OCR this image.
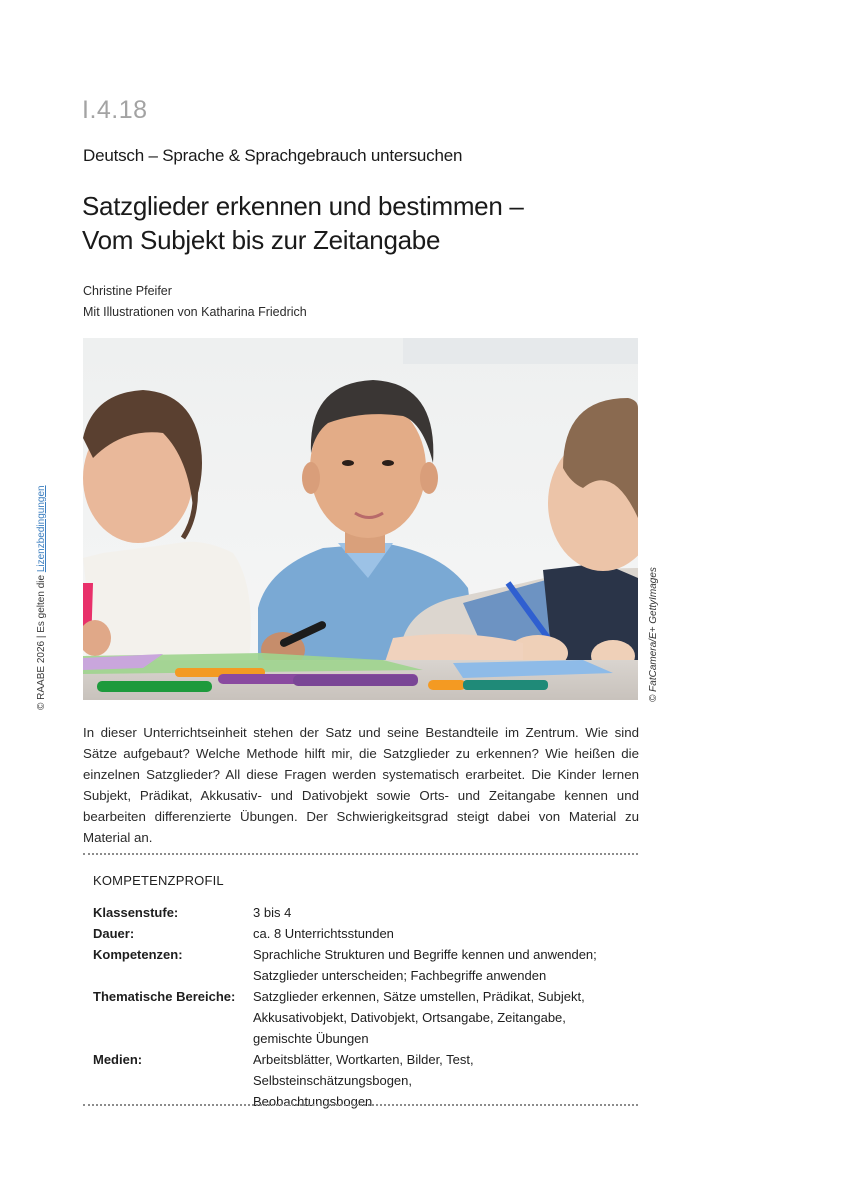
I.4.18
Deutsch – Sprache & Sprachgebrauch untersuchen
Satzglieder erkennen und bestimmen –
Vom Subjekt bis zur Zeitangabe
Christine Pfeifer
Mit Illustrationen von Katharina Friedrich
© RAABE 2026 | Es gelten die Lizenzbedingungen
© FatCamera/E+ GettyImages

In dieser Unterrichtseinheit stehen der Satz und seine Bestandteile im Zentrum. Wie sind Sätze aufgebaut? Welche Methode hilft mir, die Satzglieder zu erkennen? Wie heißen die einzelnen Satzglieder? All diese Fragen werden systematisch erarbeitet. Die Kinder lernen Subjekt, Prädikat, Akkusativ- und Dativobjekt sowie Orts- und Zeitangabe kennen und bearbeiten differenzierte Übungen. Der Schwierigkeitsgrad steigt dabei von Material zu Material an.

KOMPETENZPROFIL
Klassenstufe:	3 bis 4
Dauer:	ca. 8 Unterrichtsstunden
Kompetenzen:	Sprachliche Strukturen und Begriffe kennen und anwenden;
Satzglieder unterscheiden; Fachbegriffe anwenden
Thematische Bereiche:	Satzglieder erkennen, Sätze umstellen, Prädikat, Subjekt,
Akkusativobjekt, Dativobjekt, Ortsangabe, Zeitangabe,
gemischte Übungen
Medien:	Arbeitsblätter, Wortkarten, Bilder, Test, Selbsteinschätzungsbogen,
Beobachtungsbogen
